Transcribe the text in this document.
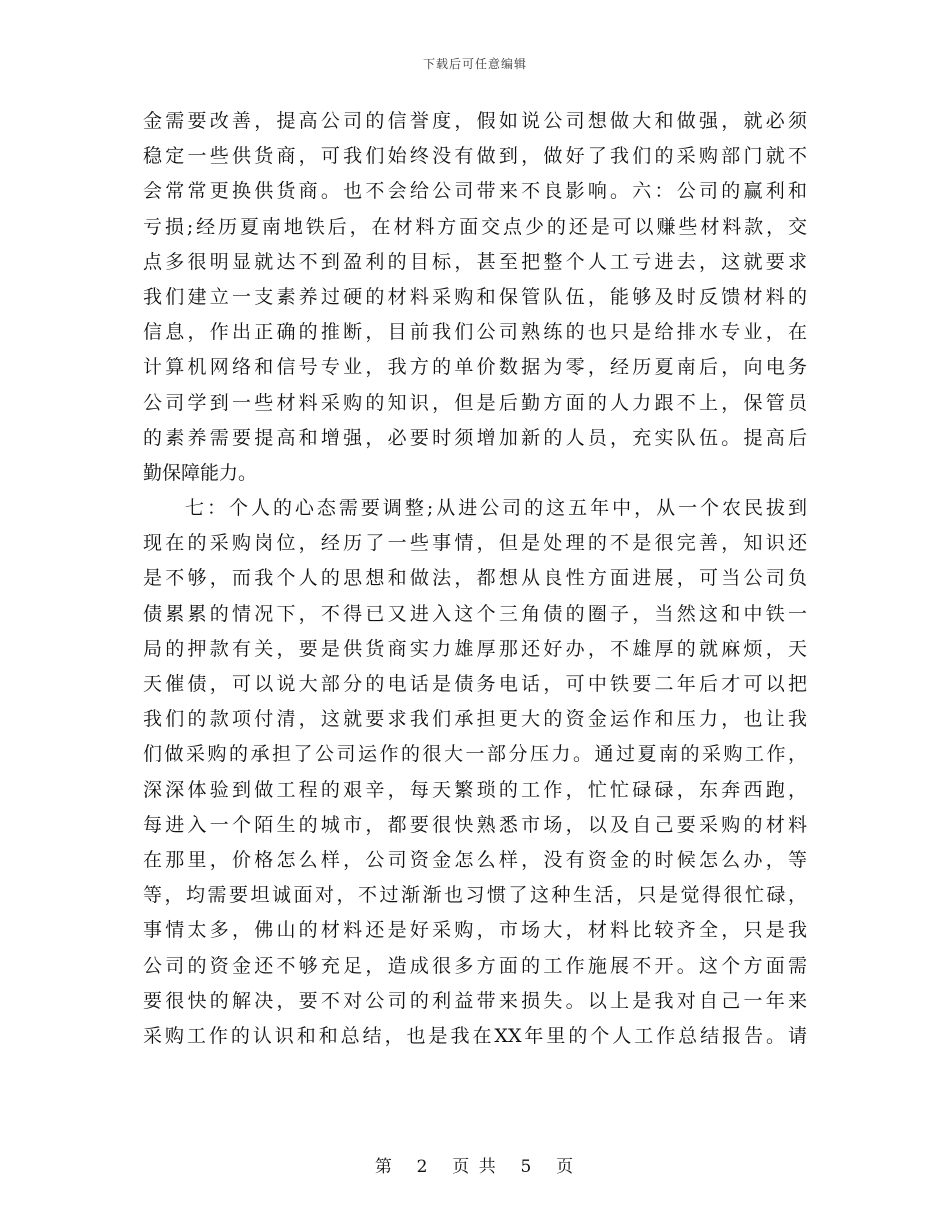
下载后可任意编辑
金需要改善，提高公司的信誉度，假如说公司想做大和做强，就必须
稳定一些供货商，可我们始终没有做到，做好了我们的采购部门就不
会常常更换供货商。也不会给公司带来不良影响。六：公司的赢利和
亏损;经历夏南地铁后，在材料方面交点少的还是可以赚些材料款，交
点多很明显就达不到盈利的目标，甚至把整个人工亏进去，这就要求
我们建立一支素养过硬的材料采购和保管队伍，能够及时反馈材料的
信息，作出正确的推断，目前我们公司熟练的也只是给排水专业，在
计算机网络和信号专业，我方的单价数据为零，经历夏南后，向电务
公司学到一些材料采购的知识，但是后勤方面的人力跟不上，保管员
的素养需要提高和增强，必要时须增加新的人员，充实队伍。提高后
勤保障能力。
七：个人的心态需要调整;从进公司的这五年中，从一个农民拔到
现在的采购岗位，经历了一些事情，但是处理的不是很完善，知识还
是不够，而我个人的思想和做法，都想从良性方面进展，可当公司负
债累累的情况下，不得已又进入这个三角债的圈子，当然这和中铁一
局的押款有关，要是供货商实力雄厚那还好办，不雄厚的就麻烦，天
天催债，可以说大部分的电话是债务电话，可中铁要二年后才可以把
我们的款项付清，这就要求我们承担更大的资金运作和压力，也让我
们做采购的承担了公司运作的很大一部分压力。通过夏南的采购工作，
深深体验到做工程的艰辛，每天繁琐的工作，忙忙碌碌，东奔西跑，
每进入一个陌生的城市，都要很快熟悉市场，以及自己要采购的材料
在那里，价格怎么样，公司资金怎么样，没有资金的时候怎么办，等
等，均需要坦诚面对，不过渐渐也习惯了这种生活，只是觉得很忙碌，
事情太多，佛山的材料还是好采购，市场大，材料比较齐全，只是我
公司的资金还不够充足，造成很多方面的工作施展不开。这个方面需
要很快的解决，要不对公司的利益带来损失。以上是我对自己一年来
采购工作的认识和和总结，也是我在XX年里的个人工作总结报告。请
第 2 页 共 5 页
